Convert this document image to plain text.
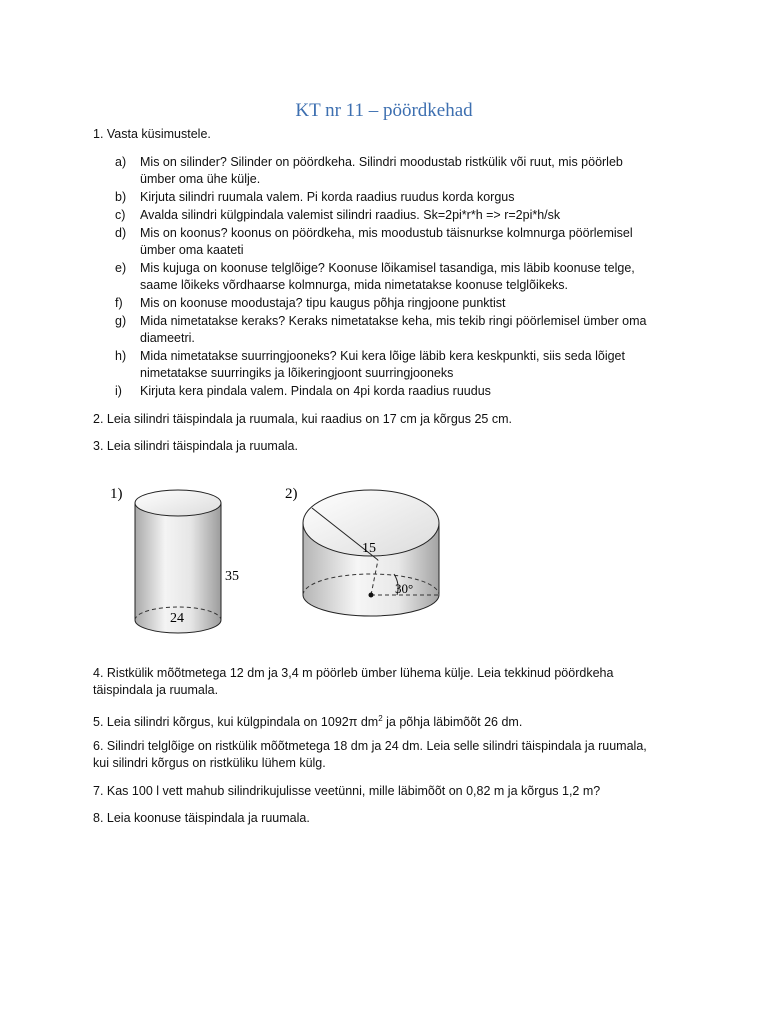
KT nr 11 – pöördkehad
1. Vasta küsimustele.
a) Mis on silinder? Silinder on pöördkeha. Silindri moodustab ristkülik või ruut, mis pöörleb
ümber oma ühe külje.
b) Kirjuta silindri ruumala valem. Pi korda raadius ruudus korda korgus
c) Avalda silindri külgpindala valemist silindri raadius. Sk=2pi*r*h => r=2pi*h/sk
d) Mis on koonus? koonus on pöördkeha, mis moodustub täisnurkse kolmnurga pöörlemisel
ümber oma kaateti
e) Mis kujuga on koonuse telglõige? Koonuse lõikamisel tasandiga, mis läbib koonuse telge,
saame lõikeks võrdhaarse kolmnurga, mida nimetatakse koonuse telglõikeks.
f) Mis on koonuse moodustaja? tipu kaugus põhja ringjoone punktist
g) Mida nimetatakse keraks? Keraks nimetatakse keha, mis tekib ringi pöörlemisel ümber oma
diameetri.
h) Mida nimetatakse suurringjooneks? Kui kera lõige läbib kera keskpunkti, siis seda lõiget
nimetatakse suurringiks ja lõikeringjoont suurringjooneks
i) Kirjuta kera pindala valem. Pindala on 4pi korda raadius ruudus
2. Leia silindri täispindala ja ruumala, kui raadius on 17 cm ja kõrgus 25 cm.
3. Leia silindri täispindala ja ruumala.
1)
35
24
2)
15
30°
4. Ristkülik mõõtmetega 12 dm ja 3,4 m pöörleb ümber lühema külje. Leia tekkinud pöördkeha
täispindala ja ruumala.
5. Leia silindri kõrgus, kui külgpindala on 1092π $dm^2$ ja põhja läbimõõt 26 dm.
6. Silindri telglõige on ristkülik mõõtmetega 18 dm ja 24 dm. Leia selle silindri täispindala ja ruumala,
kui silindri kõrgus on ristküliku lühem külg.
7. Kas 100 l vett mahub silindrikujulisse veetünni, mille läbimõõt on 0,82 m ja kõrgus 1,2 m?
8. Leia koonuse täispindala ja ruumala.
